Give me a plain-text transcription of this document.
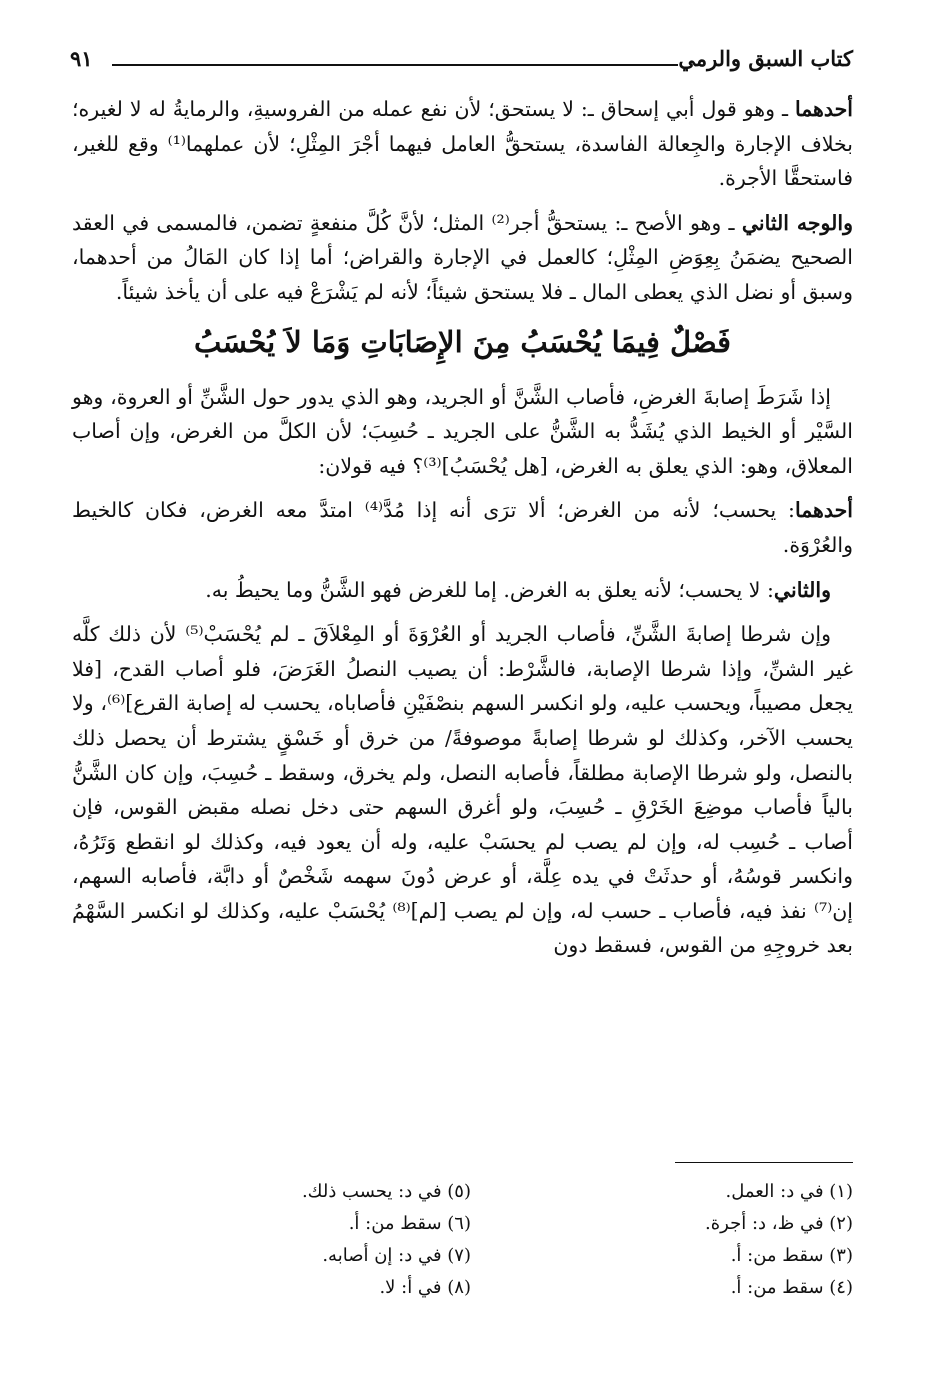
٩١	كتاب السبق والرمي

أحدهما ـ وهو قول أبي إسحاق ـ: لا يستحق؛ لأن نفع عمله من الفروسيةِ، والرمايةُ له لا لغيره؛ بخلاف الإجارة والجِعالة الفاسدة، يستحقُّ العامل فيهما أجْرَ المِثْلِ؛ لأن عملهما⁽¹⁾ وقع للغير، فاستحقَّا الأجرة.

والوجه الثاني ـ وهو الأصح ـ: يستحقُّ أجر⁽²⁾ المثل؛ لأنَّ كُلَّ منفعةٍ تضمن، فالمسمى في العقد الصحيح يضمَنُ بِعِوَضِ المِثْلِ؛ كالعمل في الإجارة والقراض؛ أما إذا كان المَالُ من أحدهما، وسبق أو نضل الذي يعطى المال ـ فلا يستحق شيئاً؛ لأنه لم يَشْرَعْ فيه على أن يأخذ شيئاً.

فَصْلٌ فِيمَا يُحْسَبُ مِنَ الإِصَابَاتِ وَمَا لاَ يُحْسَبُ

إذا شَرَطَ إصابةَ الغرضِ، فأصاب الشَّنَّ أو الجريد، وهو الذي يدور حول الشَّنِّ أو العروة، وهو السَّيْر أو الخيط الذي يُشَدُّ به الشَّنُّ على الجريد ـ حُسِبَ؛ لأن الكلَّ من الغرض، وإن أصاب المعلاق، وهو: الذي يعلق به الغرض، [هل يُحْسَبُ]⁽³⁾؟ فيه قولان:

أحدهما: يحسب؛ لأنه من الغرض؛ ألا ترَى أنه إذا مُدَّ⁽⁴⁾ امتدَّ معه الغرض، فكان كالخيط والعُرْوَة.

والثاني: لا يحسب؛ لأنه يعلق به الغرض. إما للغرض فهو الشَّنُّ وما يحيطُ به.

وإن شرطا إصابةَ الشَّنِّ، فأصاب الجريد أو العُرْوَةَ أو المِعْلاَقَ ـ لم يُحْسَبْ⁽⁵⁾ لأن ذلك كلَّه غير الشنِّ، وإذا شرطا الإصابة، فالشَّرْط: أن يصيب النصلُ الغَرَضَ، فلو أصاب القدح، [فلا يجعل مصيباً، ويحسب عليه، ولو انكسر السهم بنصْفَيْنِ فأصاباه، يحسب له إصابة القرع]⁽⁶⁾، ولا يحسب الآخر، وكذلك لو شرطا إصابةً موصوفةً/ من خرق أو خَسْقٍ يشترط أن يحصل ذلك بالنصل، ولو شرطا الإصابة مطلقاً، فأصابه النصل، ولم يخرق، وسقط ـ حُسِبَ، وإن كان الشَّنُّ بالياً فأصاب موضِعَ الخَرْقِ ـ حُسِبَ، ولو أغرق السهم حتى دخل نصله مقبض القوس، فإن أصاب ـ حُسِب له، وإن لم يصب لم يحسَبْ عليه، وله أن يعود فيه، وكذلك لو انقطع وَتَرُهُ، وانكسر قوسُهُ، أو حدثَتْ في يده عِلَّة، أو عرض دُونَ سهمه شَخْصٌ أو دابَّة، فأصابه السهم، إن⁽⁷⁾ نفذ فيه، فأصاب ـ حسب له، وإن لم يصب [لم]⁽⁸⁾ يُحْسَبْ عليه، وكذلك لو انكسر السَّهْمُ بعد خروجِهِ من القوس، فسقط دون

(١) في د: العمل.
(٢) في ظ، د: أجرة.
(٣) سقط من: أ.
(٤) سقط من: أ.
(٥) في د: يحسب ذلك.
(٦) سقط من: أ.
(٧) في د: إن أصابه.
(٨) في أ: لا.
